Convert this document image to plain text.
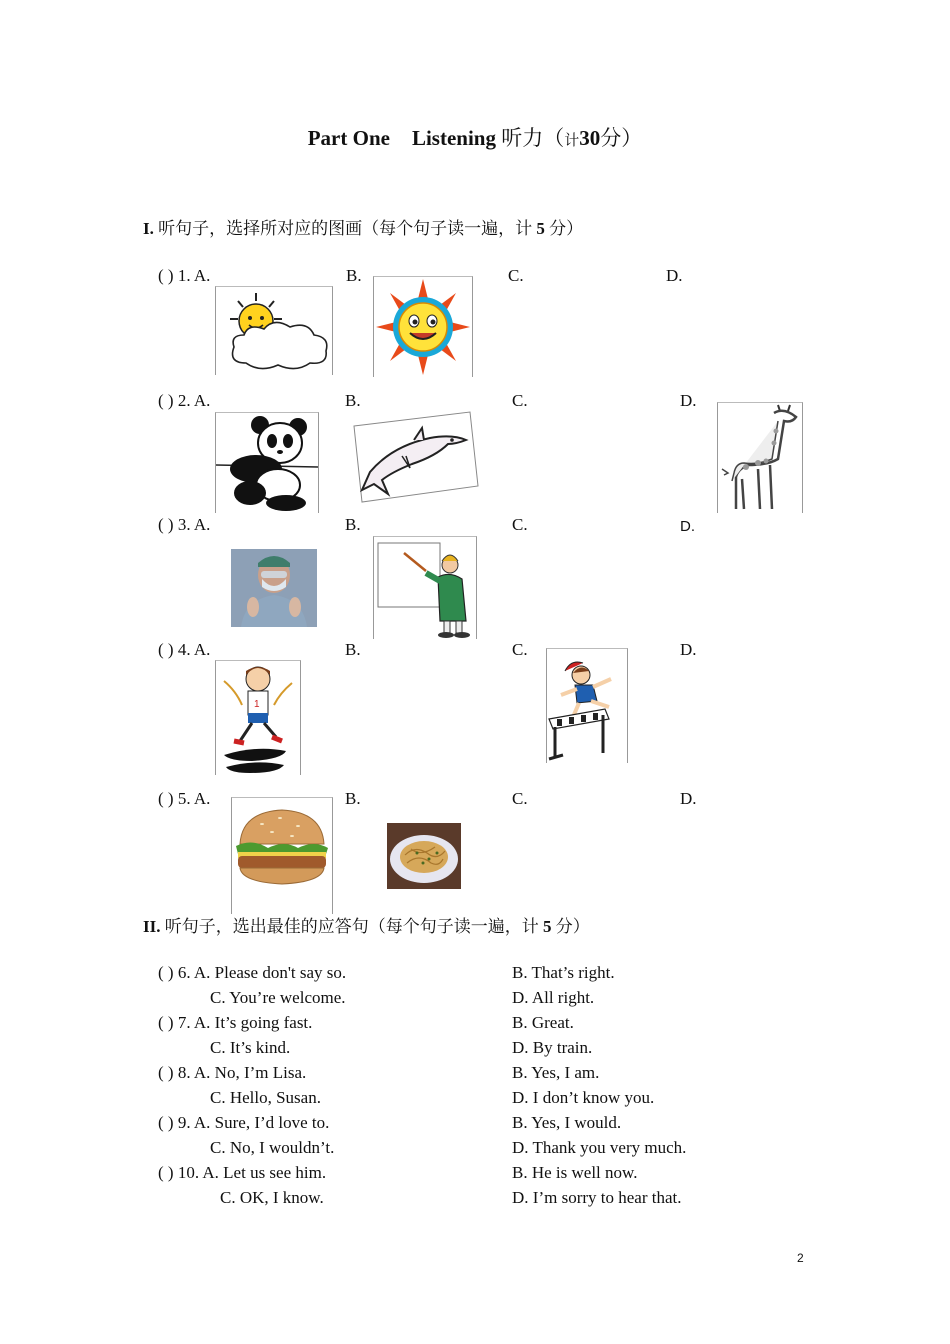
Part One Listening 听力（计30分）
I. 听句子，选择所对应的图画（每个句子读一遍，计 5 分）
( ) 1. A.	B.	C.	D.
( ) 2. A.	B.	C.	D.
( ) 3. A.	B.	C.	D.
( ) 4. A.	B.	C.	D.
1
( ) 5. A.	B.	C.	D.
II. 听句子，选出最佳的应答句（每个句子读一遍，计 5 分）
( ) 6. A. Please don't say so.	B. That’s right.
C. You’re welcome.	D. All right.
( ) 7. A. It’s going fast.	B. Great.
C. It’s kind.	D. By train.
( ) 8. A. No, I’m Lisa.	B. Yes, I am.
C. Hello, Susan.	D. I don’t know you.
( ) 9. A. Sure, I’d love to.	B. Yes, I would.
C. No, I wouldn’t.	D. Thank you very much.
( ) 10. A. Let us see him.	B. He is well now.
C. OK, I know.	D. I’m sorry to hear that.
2
